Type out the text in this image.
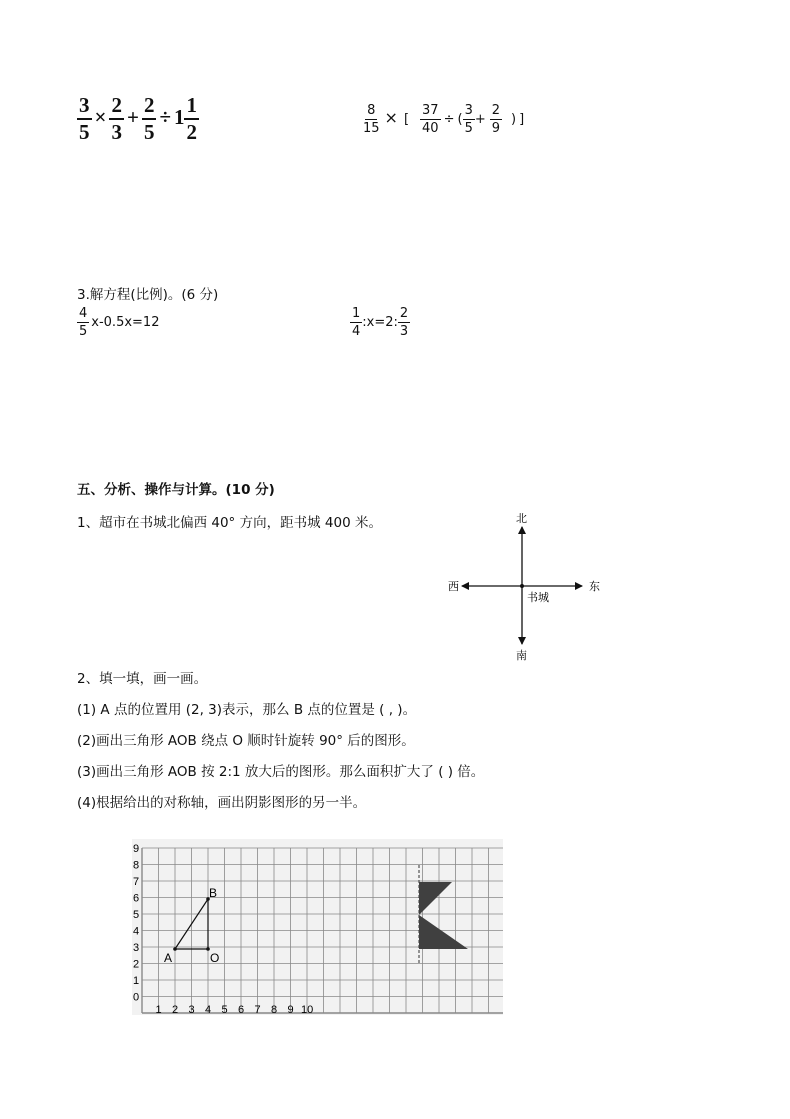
$\frac{3}{5} \times \frac{2}{3} + \frac{2}{5} \div 1 \frac{1}{2}$	$\frac{8}{15}$ × [ $\frac{37}{40}$ ÷ ( $\frac{3}{5} + \frac{2}{9}$ ) ]
3.解方程(比例)。(6 分)
$\frac{4}{5} x-0.5x=12$	$\frac{1}{4}$ :x=2: $\frac{2}{3}$
五、分析、操作与计算。(10 分)
1、超市在书城北偏西 40° 方向，距书城 400 米。	北
南
东
西
书城
2、填一填，画一画。
(1) A 点的位置用 (2, 3)表示，那么 B 点的位置是 ( , )。
(2)画出三角形 AOB 绕点 O 顺时针旋转 90° 后的图形。
(3)画出三角形 AOB 按 2:1 放大后的图形。那么面积扩大了 ( ) 倍。
(4)根据给出的对称轴，画出阴影图形的另一半。
9
8
7
6
5
4
3
2
1
0
1 2 3 4 5 6 7 8 9 10
A
B
O
